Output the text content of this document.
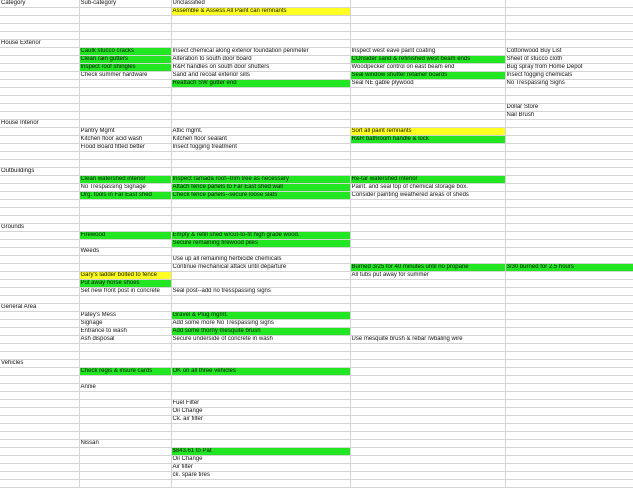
Category	Sub-category	Unclassified		
		Assemble & Assess All Paint can remnants		

House Exterior				
	Caulk stucco cracks	Insect chemical along exterior foundation perimeter	Inspect west eave paint coating	Cottonwood Buy List
	Clean rain gutters	Alteration to south door board	COnsider sand & refinished west beam ends	Sheet of stucco cloth
	Inspect roof shingles	R&R handles on south door shutters	Woodpecker control on east beam end	Bug spray from Home Depot
	Check summer hardware	Sand and recoat exterior sills	Seal window shutter retainer boards	Insect fogging chemicals
		Reattach SW gutter end	Seal NE gable plywood	No Trespassing Signs

				Dollar Store
				Nail Brush
House Interior				
	Pantry Mgmt	Attic mgmt.	Sort all paint remnants	
	Kitchen floor acid wash	Kitchen floor sealant	R&R bathroom handle & lock	
	Flood Board fitted better	Insect fogging treatment		

Outbuildings				
	Clean watershed interior	Inspect ramada roof--trim tree as necessary	Re-tar watershed interior	
	No Trespassing Signage	Attach fence panels to Far East shed wall	Paint. and seal top of chemical storage box.	
	Org. tools in Far East shed	Check fence panels--secure loose slats	Consider painting weathered areas of sheds	

Grounds				
	Firewood	Empty & refill shed w/cut-to-fit high grade wood.		
		Secure remaining firewood piles		
	Weeds			
		Use up all remaining herbicide chemicals		
		Continue mechanical attack until departure	Burned 3/25 for 40 minutes until no propane	3/30 burned for 2.5 hours
	Gary's ladder bolted to fence		All tubs put away for summer	
	Put away horse shoes			
	Set new front post in concrete	Seal post--add no tresspassing signs		

General Area				
	Patey's Mess	Gravel & Plug mgmt.		
	Signage	Add some more No Trespassing signs		
	Entrance to wash	Add some thorny mesquite brush		
	Ash disposal	Secure underside of concrete in wash	Use mesquite brush & rebar /wbaling wire	

Vehicles				
	Check regis & insure cards	OK on all three vehicles		

	Annie			

		Fuel Filter		
		Oil Change		
		Ck. air filter		

	Nissan			
		$843.61 to Pat		
		Oil Change		
		Air filter		
		ck. spare tires		
